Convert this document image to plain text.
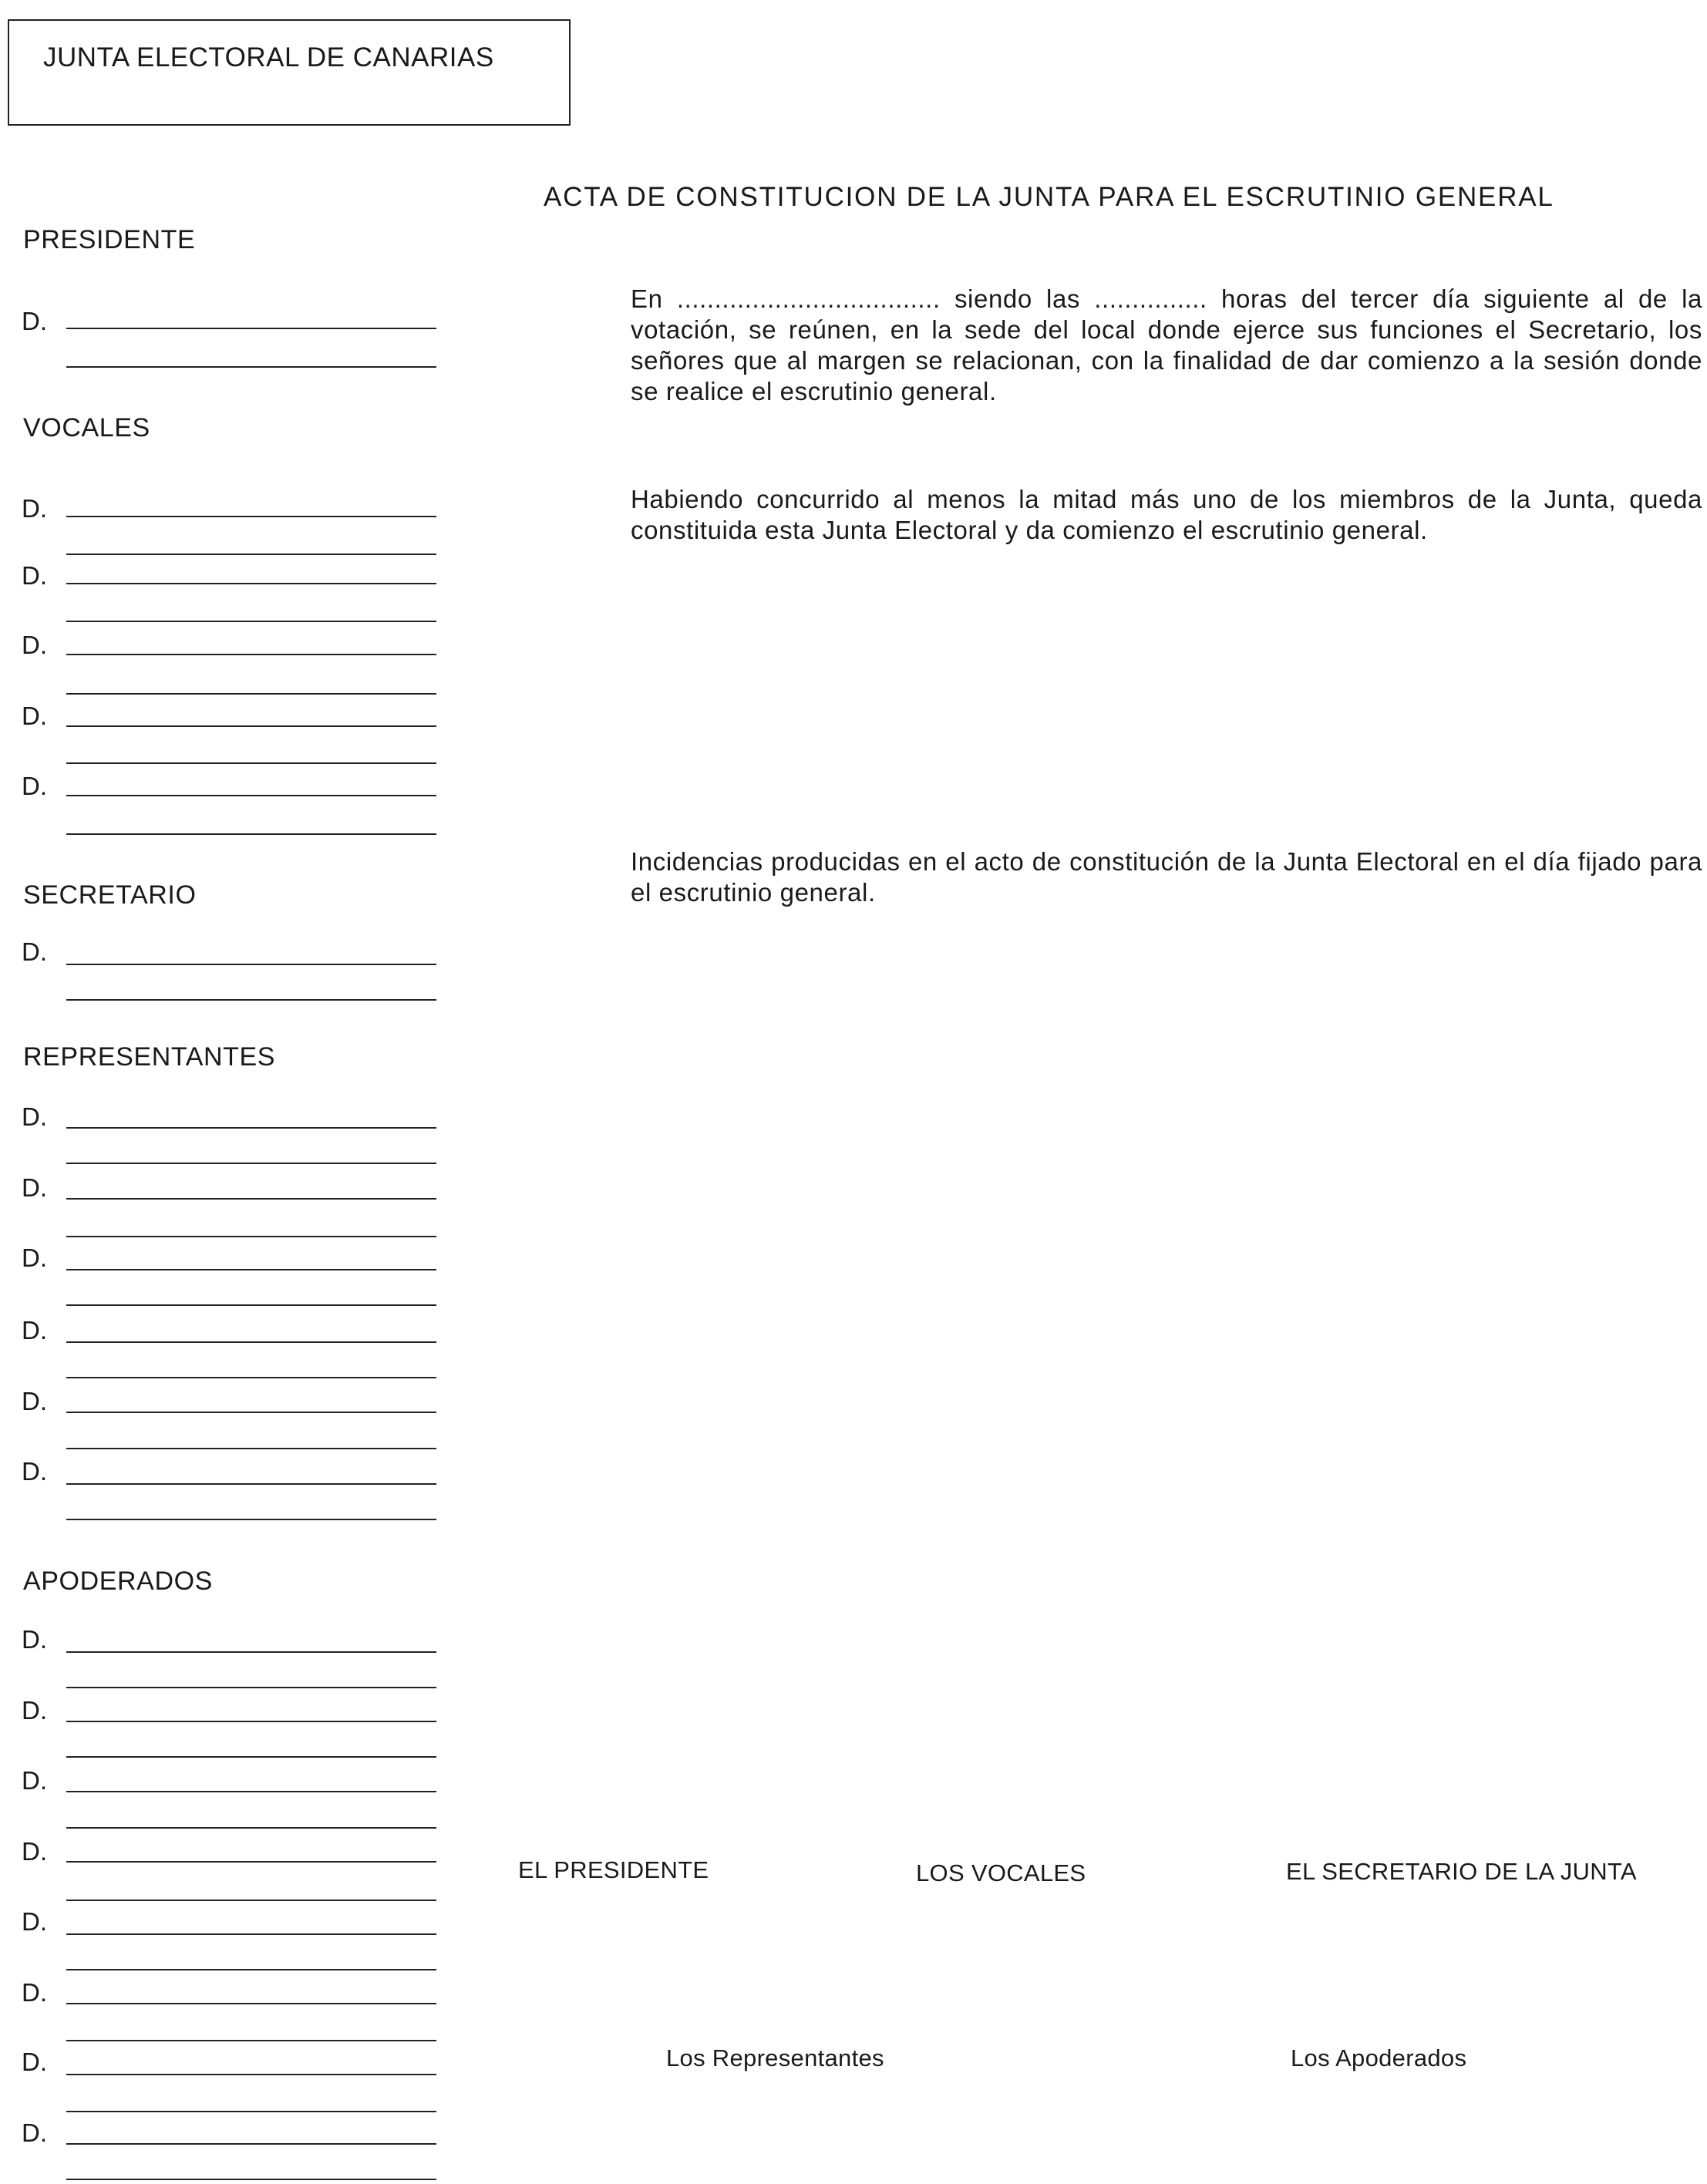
JUNTA ELECTORAL DE CANARIAS
ACTA DE CONSTITUCION DE LA JUNTA PARA EL ESCRUTINIO GENERAL
En ................................... siendo las ............... horas del tercer día siguiente al de la votación, se reúnen, en la sede del local donde ejerce sus funciones el Secretario, los señores que al margen se relacionan, con la finalidad de dar comienzo a la sesión donde se realice el escrutinio general.
Habiendo concurrido al menos la mitad más uno de los miembros de la Junta, queda constituida esta Junta Electoral y da comienzo el escrutinio general.
Incidencias producidas en el acto de constitución de la Junta Electoral en el día fijado para el escrutinio general.
PRESIDENTE
D.
VOCALES
D.
D.
D.
D.
D.
SECRETARIO
D.
REPRESENTANTES
D.
D.
D.
D.
D.
D.
APODERADOS
D.
D.
D.
D.
D.
D.
D.
D.
EL PRESIDENTE	LOS VOCALES	EL SECRETARIO DE LA JUNTA
Los Representantes	Los Apoderados
